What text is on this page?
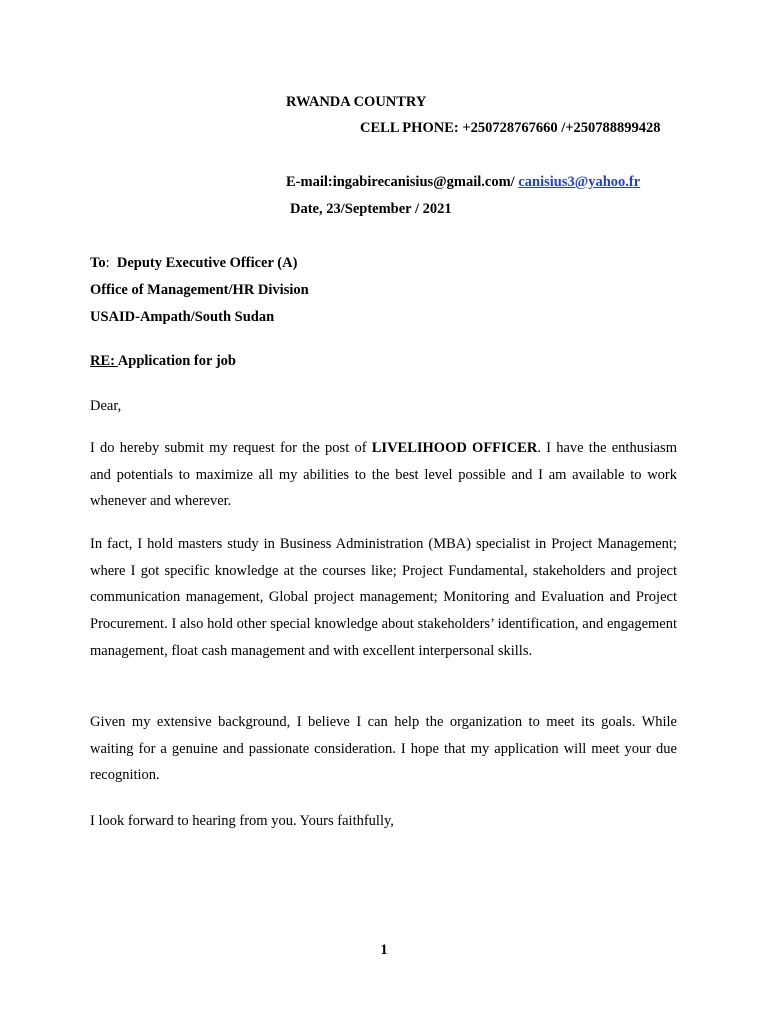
RWANDA COUNTRY
CELL PHONE: +250728767660 /+250788899428
E-mail:ingabirecanisius@gmail.com/ canisius3@yahoo.fr
Date, 23/September / 2021
To:  Deputy Executive Officer (A)
Office of Management/HR Division
USAID-Ampath/South Sudan
RE: Application for job
Dear,
I do hereby submit my request for the post of LIVELIHOOD OFFICER. I have the enthusiasm and potentials to maximize all my abilities to the best level possible and I am available to work whenever and wherever.
In fact, I hold masters study in Business Administration (MBA) specialist in Project Management; where I got specific knowledge at the courses like; Project Fundamental, stakeholders and project communication management, Global project management; Monitoring and Evaluation and Project Procurement. I also hold other special knowledge about stakeholders’ identification, and engagement management, float cash management and with excellent interpersonal skills.
Given my extensive background, I believe I can help the organization to meet its goals. While waiting for a genuine and passionate consideration. I hope that my application will meet your due recognition.
I look forward to hearing from you. Yours faithfully,
1
